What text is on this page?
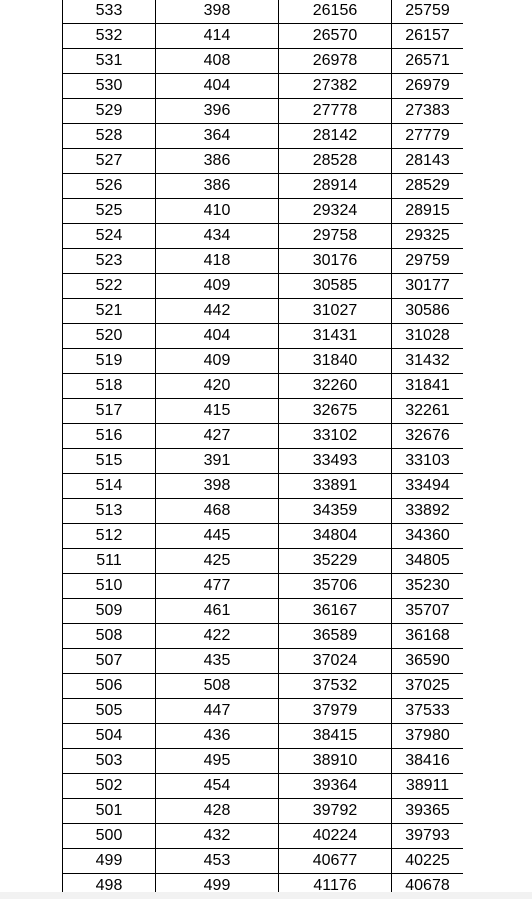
533	398	26156	25759
532	414	26570	26157
531	408	26978	26571
530	404	27382	26979
529	396	27778	27383
528	364	28142	27779
527	386	28528	28143
526	386	28914	28529
525	410	29324	28915
524	434	29758	29325
523	418	30176	29759
522	409	30585	30177
521	442	31027	30586
520	404	31431	31028
519	409	31840	31432
518	420	32260	31841
517	415	32675	32261
516	427	33102	32676
515	391	33493	33103
514	398	33891	33494
513	468	34359	33892
512	445	34804	34360
511	425	35229	34805
510	477	35706	35230
509	461	36167	35707
508	422	36589	36168
507	435	37024	36590
506	508	37532	37025
505	447	37979	37533
504	436	38415	37980
503	495	38910	38416
502	454	39364	38911
501	428	39792	39365
500	432	40224	39793
499	453	40677	40225
498	499	41176	40678
